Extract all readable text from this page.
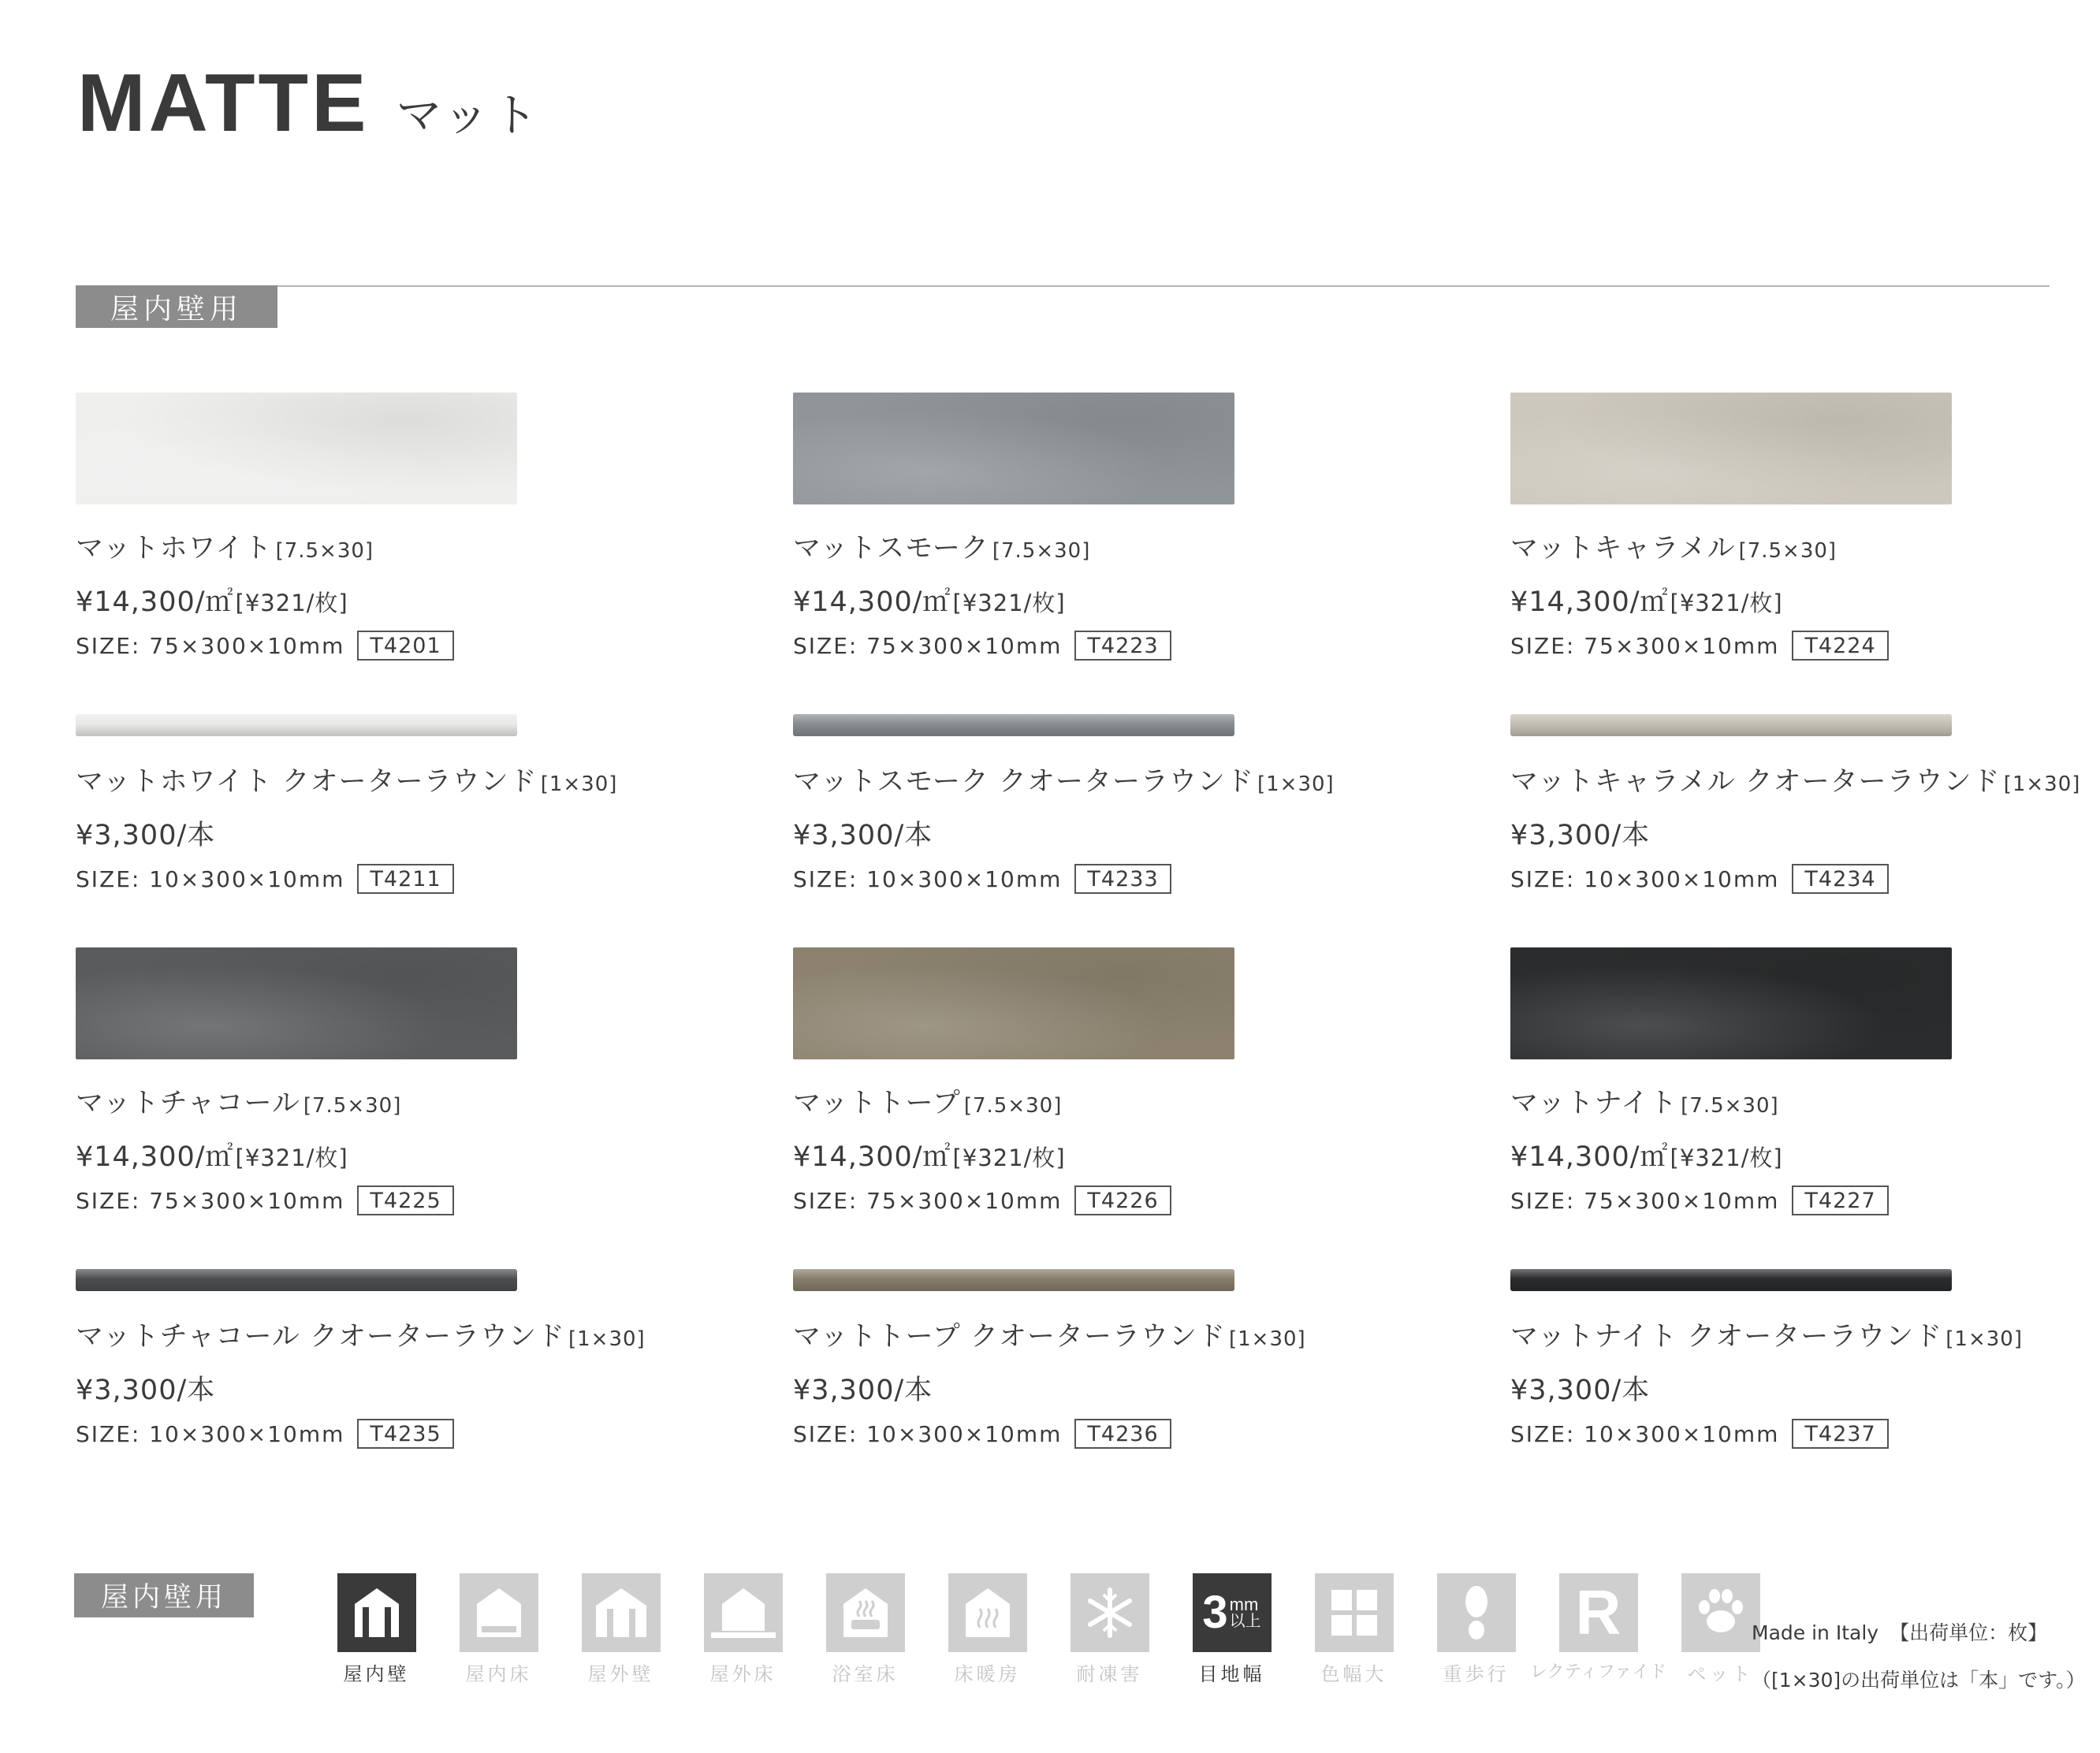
MATTE マット
屋内壁用
マットホワイト [7.5×30]
¥14,300/㎡[¥321/枚]
SIZE: 75×300×10mm	T4201
マットスモーク [7.5×30]
¥14,300/㎡[¥321/枚]
SIZE: 75×300×10mm	T4223
マットキャラメル [7.5×30]
¥14,300/㎡[¥321/枚]
SIZE: 75×300×10mm	T4224
マットホワイト クオーターラウンド [1×30]
¥3,300/本
SIZE: 10×300×10mm	T4211
マットスモーク クオーターラウンド [1×30]
¥3,300/本
SIZE: 10×300×10mm	T4233
マットキャラメル クオーターラウンド [1×30]
¥3,300/本
SIZE: 10×300×10mm	T4234
マットチャコール [7.5×30]
¥14,300/㎡[¥321/枚]
SIZE: 75×300×10mm	T4225
マットトープ [7.5×30]
¥14,300/㎡[¥321/枚]
SIZE: 75×300×10mm	T4226
マットナイト [7.5×30]
¥14,300/㎡[¥321/枚]
SIZE: 75×300×10mm	T4227
マットチャコール クオーターラウンド [1×30]
¥3,300/本
SIZE: 10×300×10mm	T4235
マットトープ クオーターラウンド [1×30]
¥3,300/本
SIZE: 10×300×10mm	T4236
マットナイト クオーターラウンド [1×30]
¥3,300/本
SIZE: 10×300×10mm	T4237
屋内壁用
屋内壁	屋内床	屋外壁	屋外床	浴室床	床暖房	耐凍害
3 mm
以上
目地幅	色幅大	重歩行
R
レクティファイド ペット
Made in Italy 【出荷単位：枚】
（[1×30]の出荷単位は「本」です。）
